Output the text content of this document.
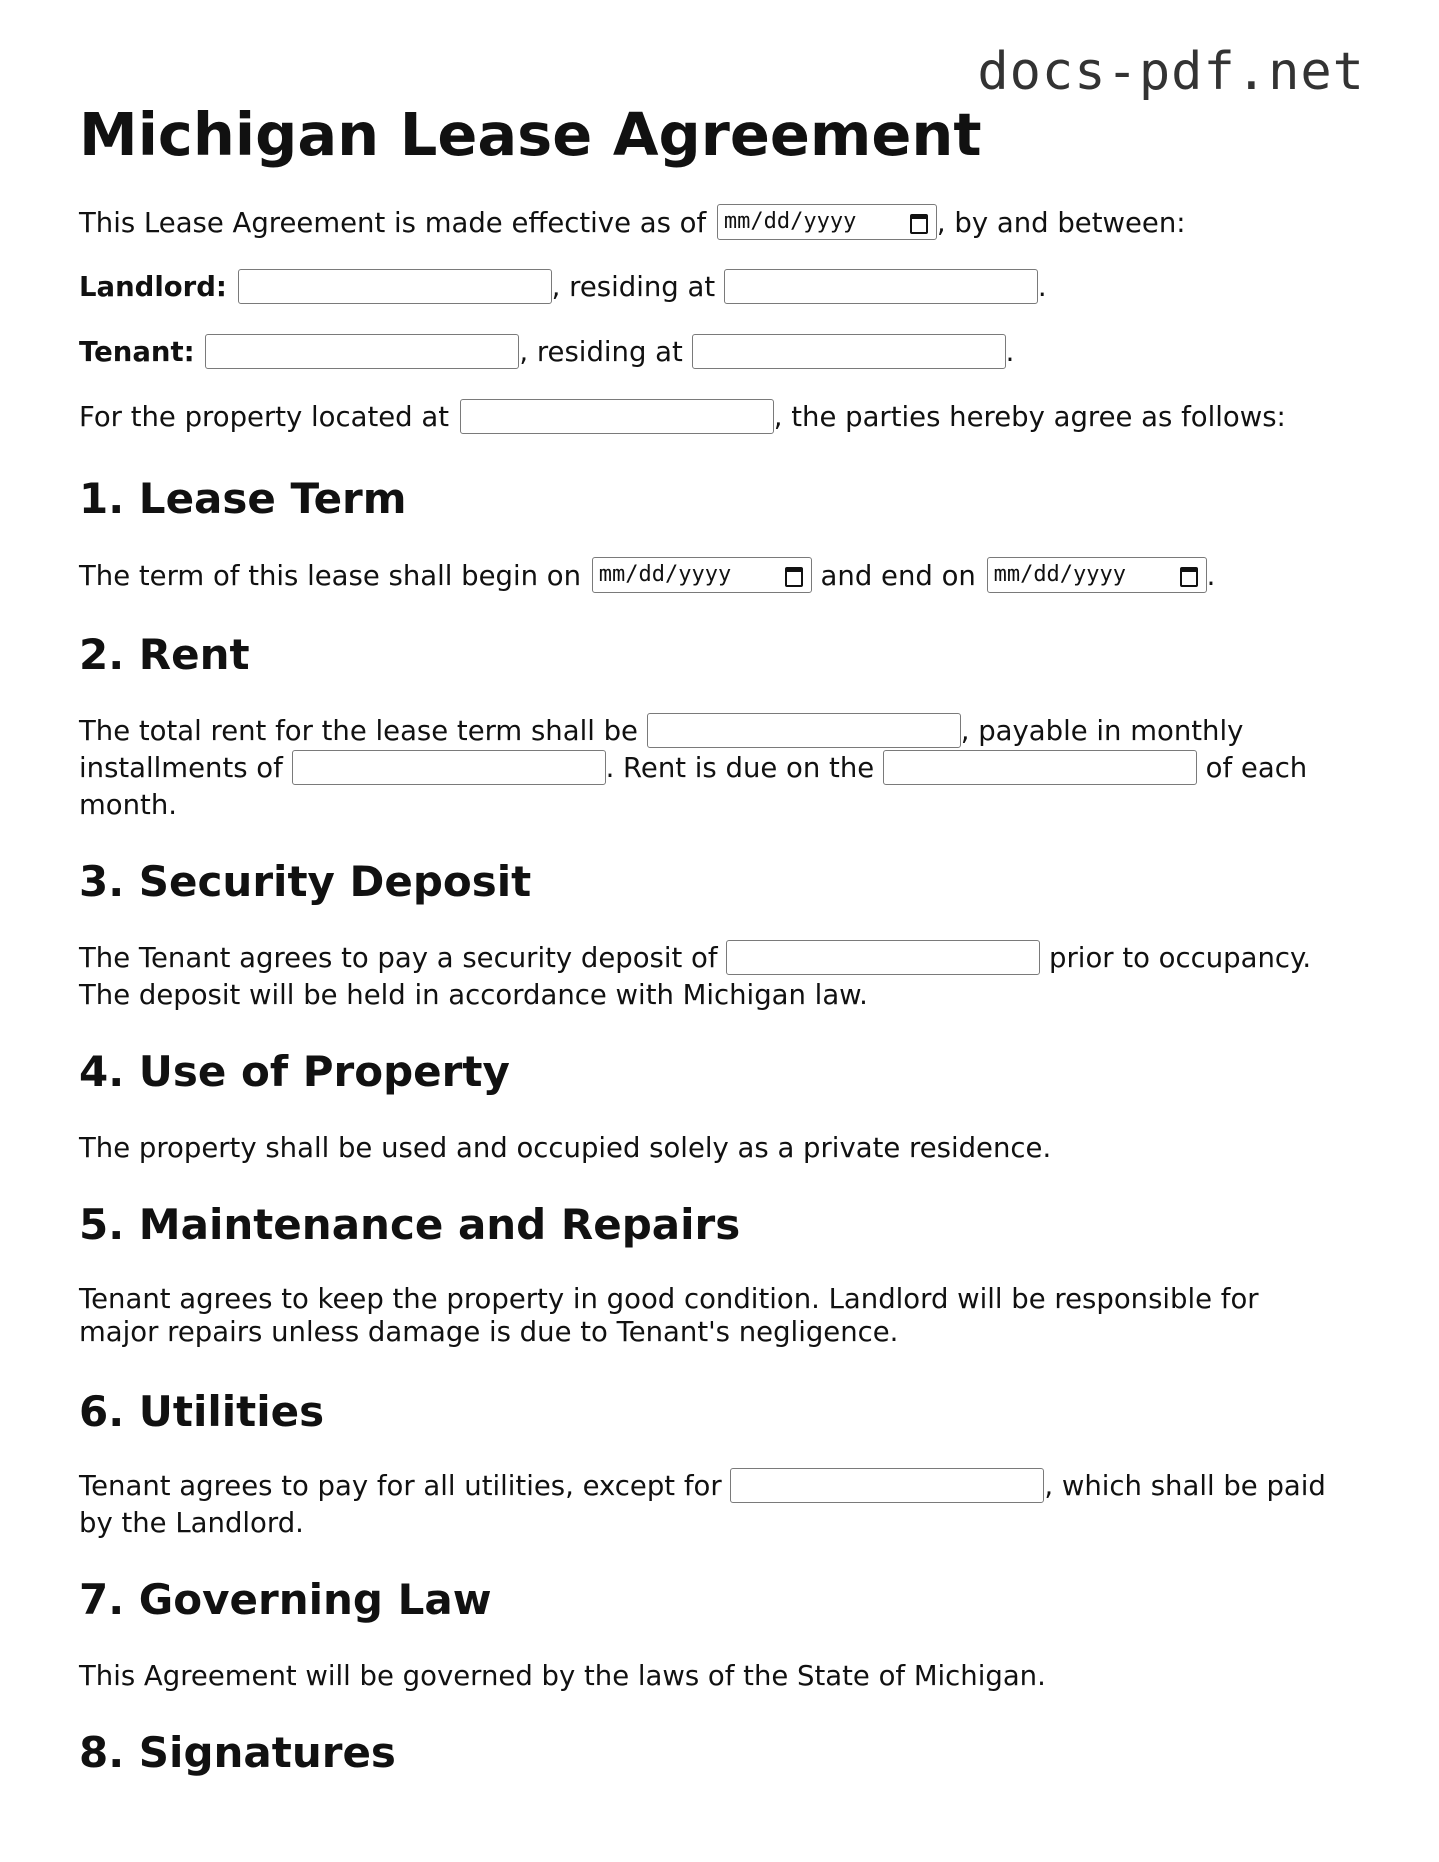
docs-pdf.net
Michigan Lease Agreement
This Lease Agreement is made effective as of mm/dd/yyyy	, by and between:
Landlord:	, residing at	.
Tenant:	, residing at	.
For the property located at	, the parties hereby agree as follows:
1. Lease Term
The term of this lease shall begin on mm/dd/yyyy	and end on mm/dd/yyyy	.
2. Rent
The total rent for the lease term shall be	, payable in monthly installments of	. Rent is due on the	of each month.
3. Security Deposit
The Tenant agrees to pay a security deposit of	prior to occupancy. The deposit will be held in accordance with Michigan law.
4. Use of Property
The property shall be used and occupied solely as a private residence.
5. Maintenance and Repairs
Tenant agrees to keep the property in good condition. Landlord will be responsible for major repairs unless damage is due to Tenant's negligence.
6. Utilities
Tenant agrees to pay for all utilities, except for	, which shall be paid by the Landlord.
7. Governing Law
This Agreement will be governed by the laws of the State of Michigan.
8. Signatures
